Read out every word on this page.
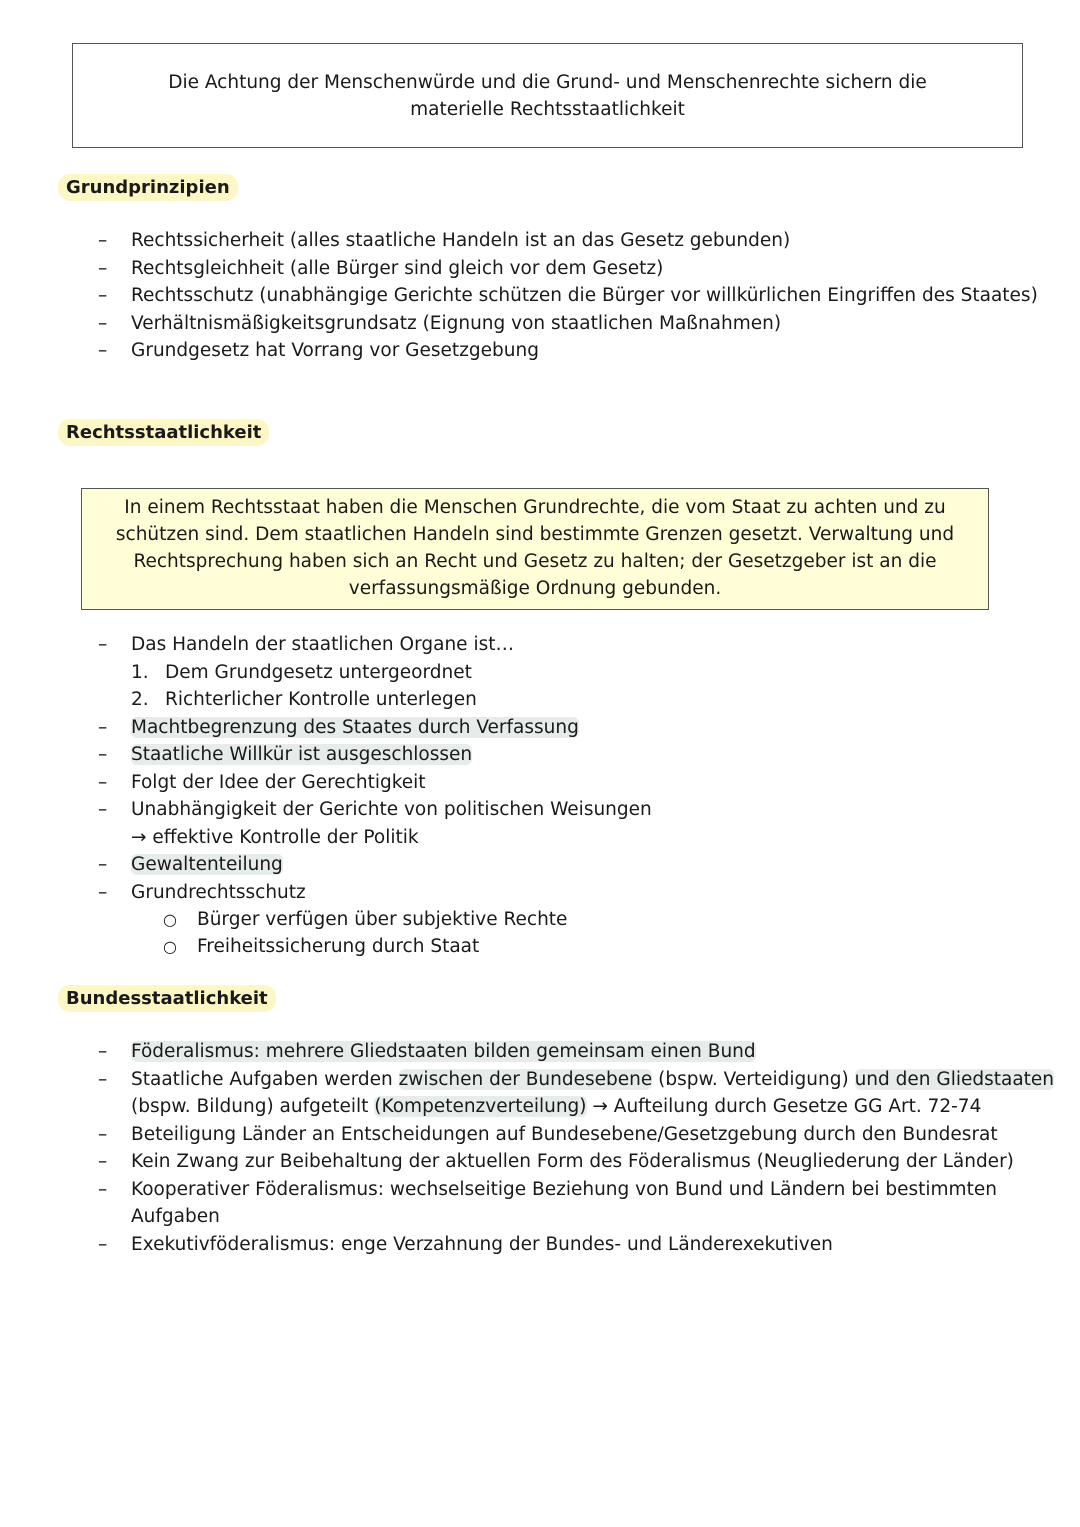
Die Achtung der Menschenwürde und die Grund- und Menschenrechte sichern die materielle Rechtsstaatlichkeit
Grundprinzipien
– Rechtssicherheit (alles staatliche Handeln ist an das Gesetz gebunden)
– Rechtsgleichheit (alle Bürger sind gleich vor dem Gesetz)
– Rechtsschutz (unabhängige Gerichte schützen die Bürger vor willkürlichen Eingriffen des Staates)
– Verhältnismäßigkeitsgrundsatz (Eignung von staatlichen Maßnahmen)
– Grundgesetz hat Vorrang vor Gesetzgebung
Rechtsstaatlichkeit
In einem Rechtsstaat haben die Menschen Grundrechte, die vom Staat zu achten und zu schützen sind. Dem staatlichen Handeln sind bestimmte Grenzen gesetzt. Verwaltung und Rechtsprechung haben sich an Recht und Gesetz zu halten; der Gesetzgeber ist an die verfassungsmäßige Ordnung gebunden.
– Das Handeln der staatlichen Organe ist…
1. Dem Grundgesetz untergeordnet
2. Richterlicher Kontrolle unterlegen
– Machtbegrenzung des Staates durch Verfassung
– Staatliche Willkür ist ausgeschlossen
– Folgt der Idee der Gerechtigkeit
– Unabhängigkeit der Gerichte von politischen Weisungen
→ effektive Kontrolle der Politik
– Gewaltenteilung
– Grundrechtsschutz
○ Bürger verfügen über subjektive Rechte
○ Freiheitssicherung durch Staat
Bundesstaatlichkeit
– Föderalismus: mehrere Gliedstaaten bilden gemeinsam einen Bund
– Staatliche Aufgaben werden zwischen der Bundesebene (bspw. Verteidigung) und den Gliedstaaten
(bspw. Bildung) aufgeteilt (Kompetenzverteilung) → Aufteilung durch Gesetze GG Art. 72-74
– Beteiligung Länder an Entscheidungen auf Bundesebene/Gesetzgebung durch den Bundesrat
– Kein Zwang zur Beibehaltung der aktuellen Form des Föderalismus (Neugliederung der Länder)
– Kooperativer Föderalismus: wechselseitige Beziehung von Bund und Ländern bei bestimmten
Aufgaben
– Exekutivföderalismus: enge Verzahnung der Bundes- und Länderexekutiven
